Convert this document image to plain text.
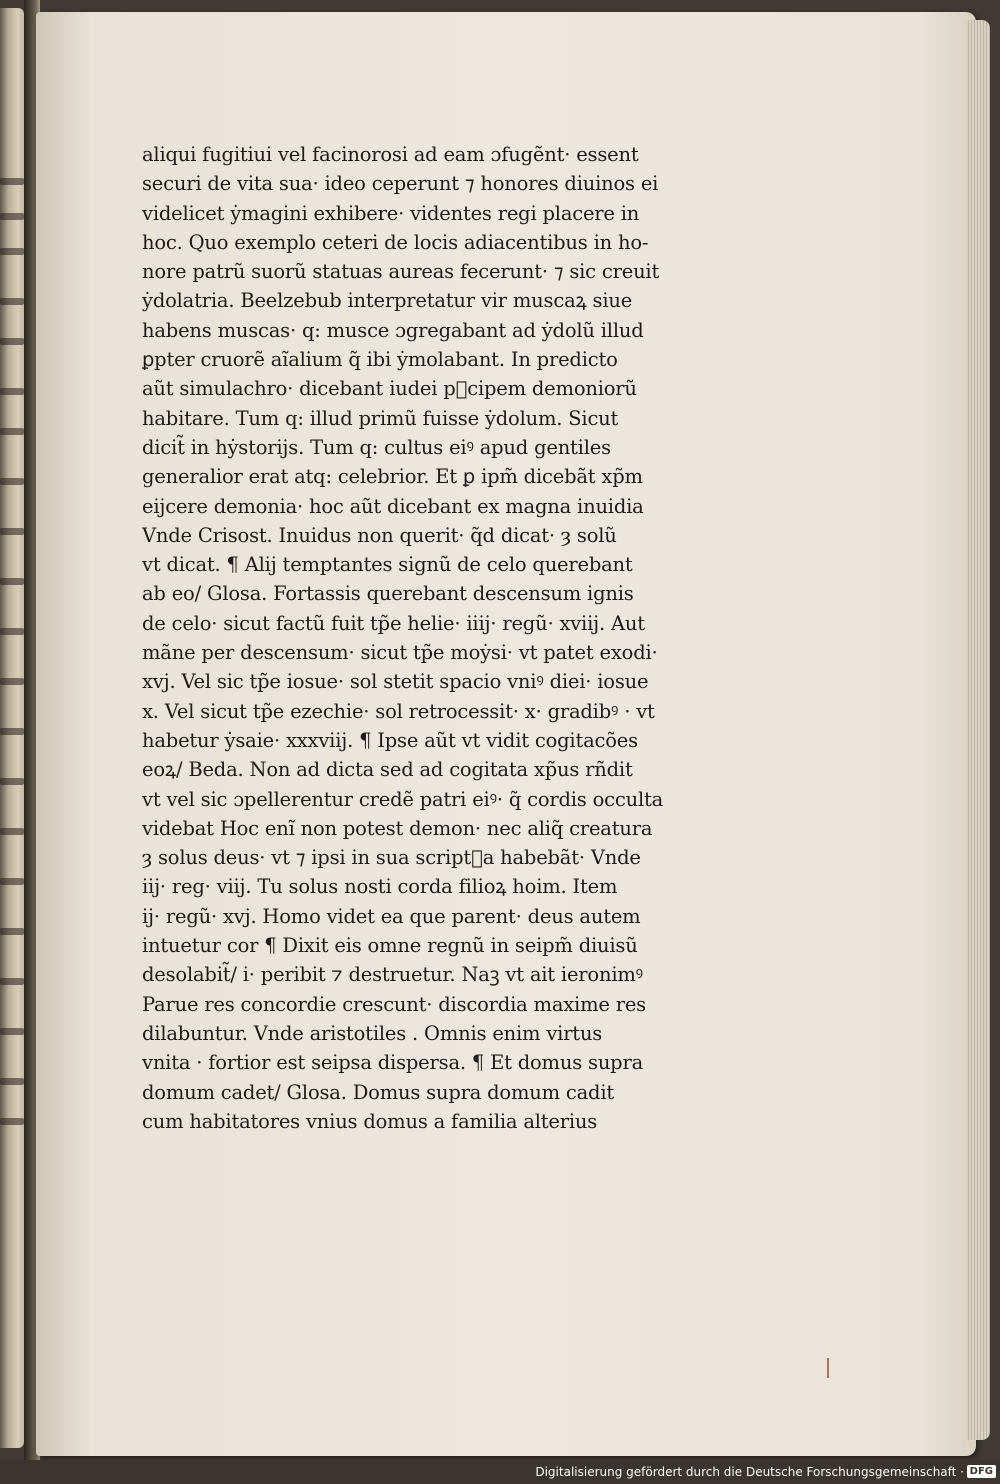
aliqui fugitiui vel facinorosi ad eam ɔfugẽnt· essent
securi de vita sua· ideo ceperunt ⁊ honores diuinos ei
videlicet ẏmagini exhibere· videntes regi placere in
hoc. Quo exemplo ceteri de locis adiacentibus in ho-
nore patrũ suorũ statuas aureas fecerunt· ⁊ sic creuit
ẏdolatria. Beelzebub interpretatur vir muscaꝝ siue
habens muscas· q: musce ɔgregabant ad ẏdolũ illud
ꝑpter cruorẽ aĩalium q̃ ibi ẏmolabant. In predicto
aũt simulachro· dicebant iudei pᷓcipem demoniorũ
habitare. Tum q: illud primũ fuisse ẏdolum. Sicut
dicit̃ in hẏstorijs. Tum q: cultus eiꝰ apud gentiles
generalior erat atq: celebrior. Et ꝑ ipm̃ dicebãt xp̃m
eijcere demonia· hoc aũt dicebant ex magna inuidia
Vnde Crisost. Inuidus non querit· q̃d dicat· ȝ solũ
vt dicat. ¶ Alij temptantes signũ de celo querebant
ab eo/ Glosa. Fortassis querebant descensum ignis
de celo· sicut factũ fuit tp̃e helie· iiij· regũ· xviij. Aut
mãne per descensum· sicut tp̃e moẏsi· vt patet exodi·
xvj. Vel sic tp̃e iosue· sol stetit spacio vniꝰ diei· iosue
x. Vel sicut tp̃e ezechie· sol retrocessit· x· gradibꝰ · vt
habetur ẏsaie· xxxviij. ¶ Ipse aũt vt vidit cogitacões
eoꝝ/ Beda. Non ad dicta sed ad cogitata xp̃us rñdit
vt vel sic ɔpellerentur credẽ patri eiꝰ· q̃ cordis occulta
videbat Hoc enĩ non potest demon· nec aliq̃ creatura
ȝ solus deus· vt ⁊ ipsi in sua scriptᷓa habebãt· Vnde
iij· reg· viij. Tu solus nosti corda filioꝝ hoim. Item
ij· regũ· xvj. Homo videt ea que parent· deus autem
intuetur cor ¶ Dixit eis omne regnũ in seipm̃ diuisũ
desolabit̃/ i· peribit ⁊ destruetur. Naꝫ vt ait ieronimꝰ
Parue res concordie crescunt· discordia maxime res
dilabuntur. Vnde aristotiles . Omnis enim virtus
vnita · fortior est seipsa dispersa. ¶ Et domus supra
domum cadet/ Glosa. Domus supra domum cadit
cum habitatores vnius domus a familia alterius
Digitalisierung gefördert durch die Deutsche Forschungsgemeinschaft · DFG
